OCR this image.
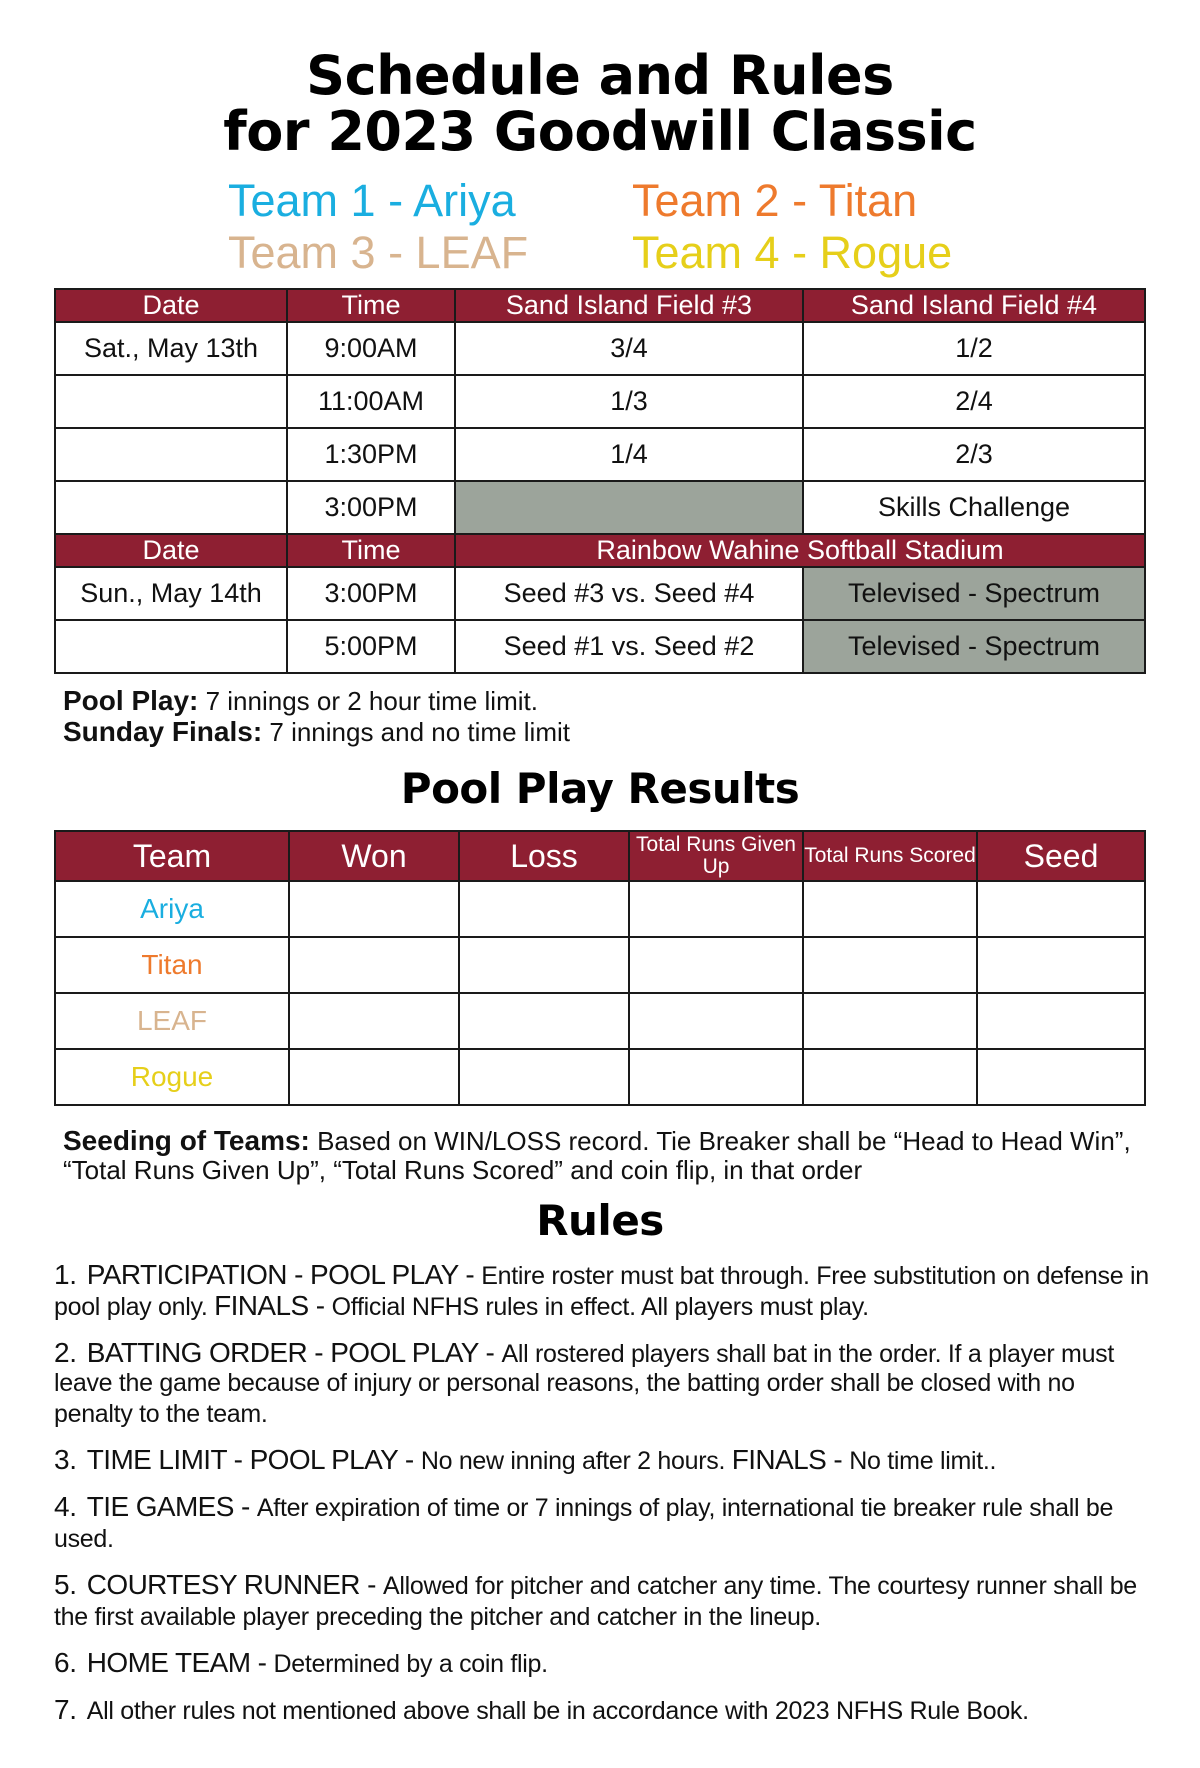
Schedule and Rules
for 2023 Goodwill Classic
Team 1 - Ariya	Team 2 - Titan
Team 3 - LEAF Team 4 - Rogue
Date	Time	Sand Island Field #3	Sand Island Field #4
Sat., May 13th	9:00AM	3/4	1/2
	11:00AM	1/3	2/4
	1:30PM	1/4	2/3
	3:00PM		Skills Challenge
Date	Time	Rainbow Wahine Softball Stadium	
Sun., May 14th	3:00PM	Seed #3 vs. Seed #4	Televised - Spectrum
	5:00PM	Seed #1 vs. Seed #2	Televised - Spectrum
Pool Play: 7 innings or 2 hour time limit.
Sunday Finals: 7 innings and no time limit
Pool Play Results
Team	Won	Loss	Total Runs Given Up	Total Runs Scored	Seed
Ariya					
Titan					
LEAF					
Rogue					
Seeding of Teams: Based on WIN/LOSS record. Tie Breaker shall be “Head to Head Win”, “Total Runs Given Up”, “Total Runs Scored” and coin flip, in that order
Rules
1. PARTICIPATION - POOL PLAY - Entire roster must bat through. Free substitution on defense in pool play only. FINALS - Official NFHS rules in effect. All players must play.
2. BATTING ORDER - POOL PLAY - All rostered players shall bat in the order. If a player must leave the game because of injury or personal reasons, the batting order shall be closed with no penalty to the team.
3. TIME LIMIT - POOL PLAY - No new inning after 2 hours. FINALS - No time limit..
4. TIE GAMES - After expiration of time or 7 innings of play, international tie breaker rule shall be used.
5. COURTESY RUNNER - Allowed for pitcher and catcher any time. The courtesy runner shall be the first available player preceding the pitcher and catcher in the lineup.
6. HOME TEAM - Determined by a coin flip.
7. All other rules not mentioned above shall be in accordance with 2023 NFHS Rule Book.
